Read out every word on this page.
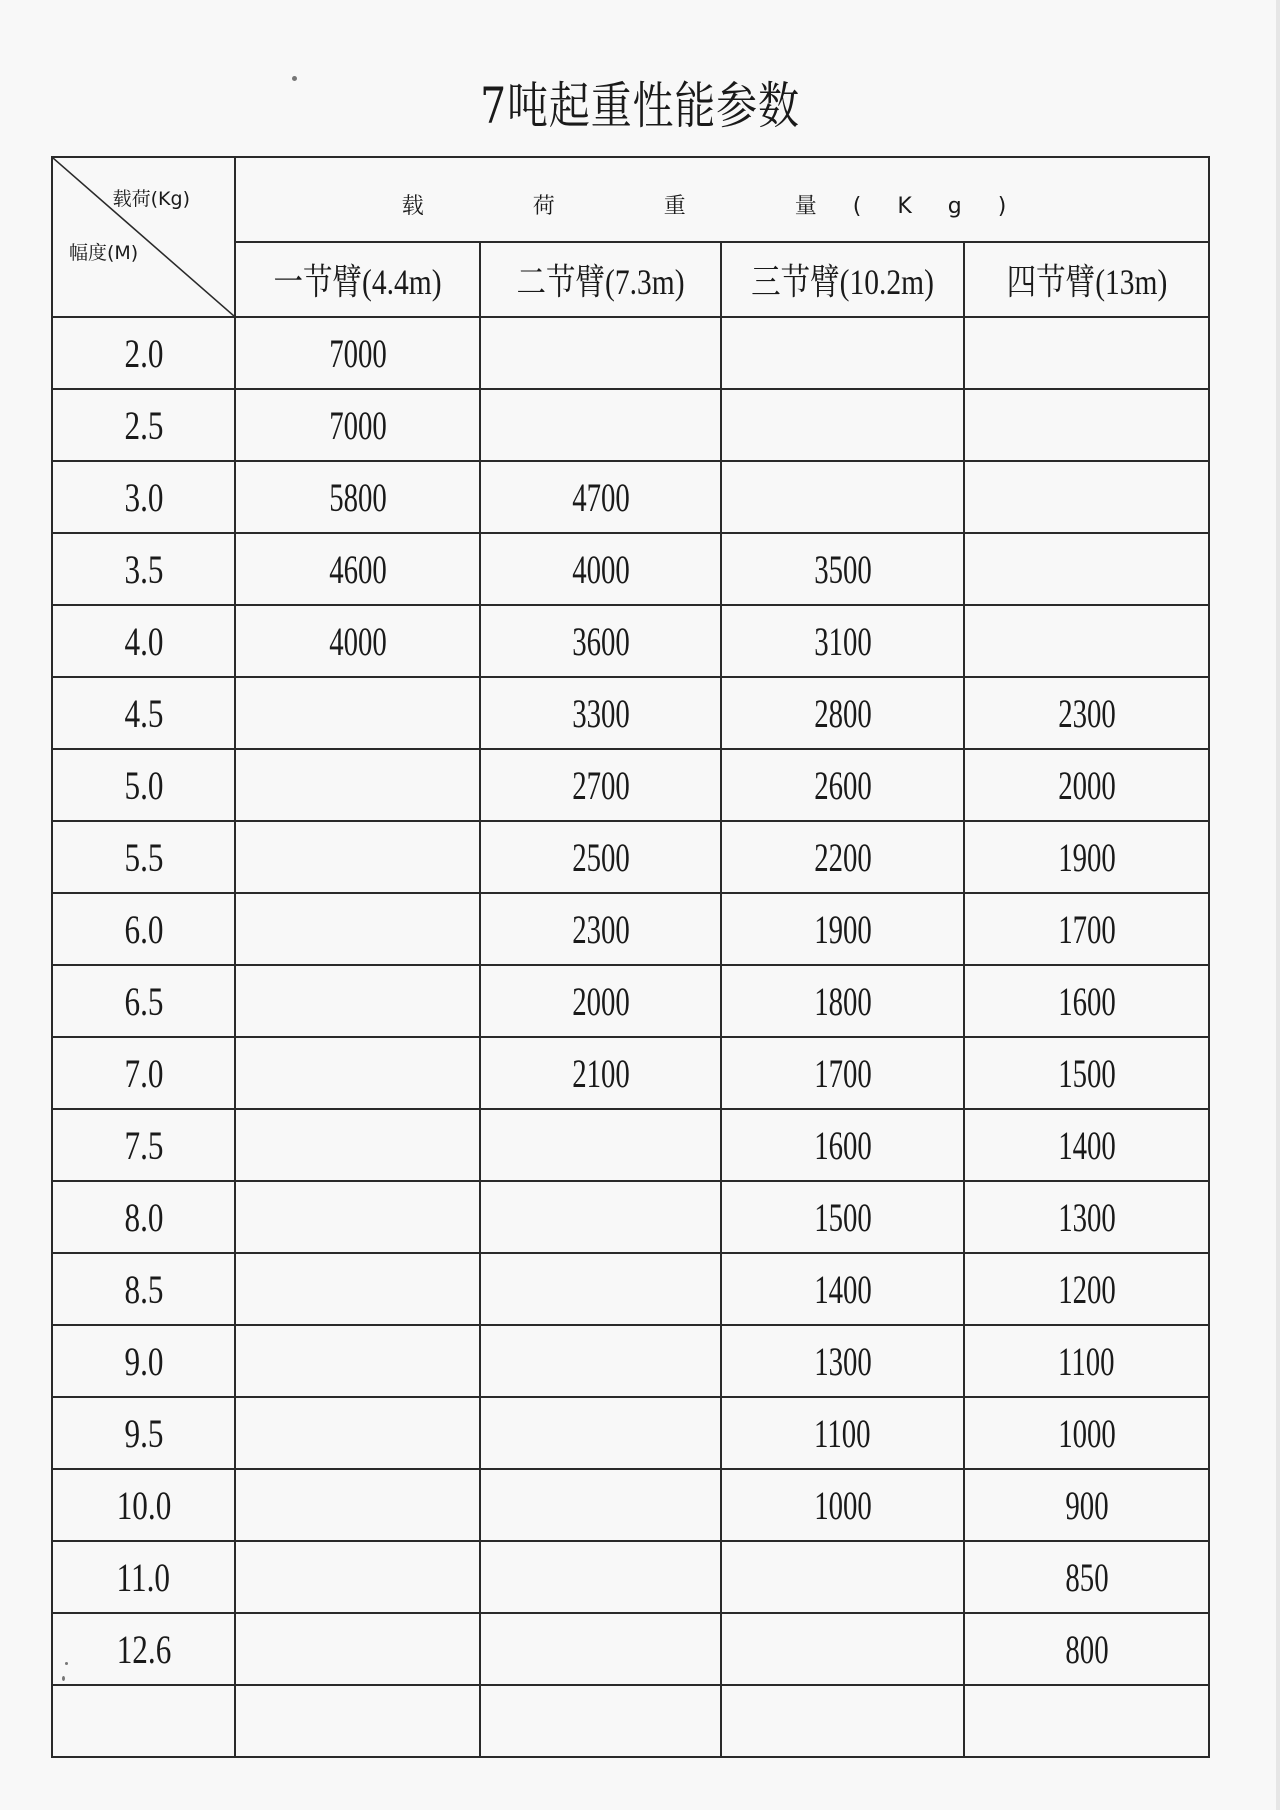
7吨起重性能参数
载荷(Kg)
幅度(M)	载 荷 重 量(Kg)			
	一节臂(4.4m)	二节臂(7.3m)	三节臂(10.2m)	四节臂(13m)
2.0	7000			
2.5	7000			
3.0	5800	4700		
3.5	4600	4000	3500	
4.0	4000	3600	3100	
4.5		3300	2800	2300
5.0		2700	2600	2000
5.5		2500	2200	1900
6.0		2300	1900	1700
6.5		2000	1800	1600
7.0		2100	1700	1500
7.5			1600	1400
8.0			1500	1300
8.5			1400	1200
9.0			1300	1100
9.5			1100	1000
10.0			1000	900
11.0				850
12.6				800
